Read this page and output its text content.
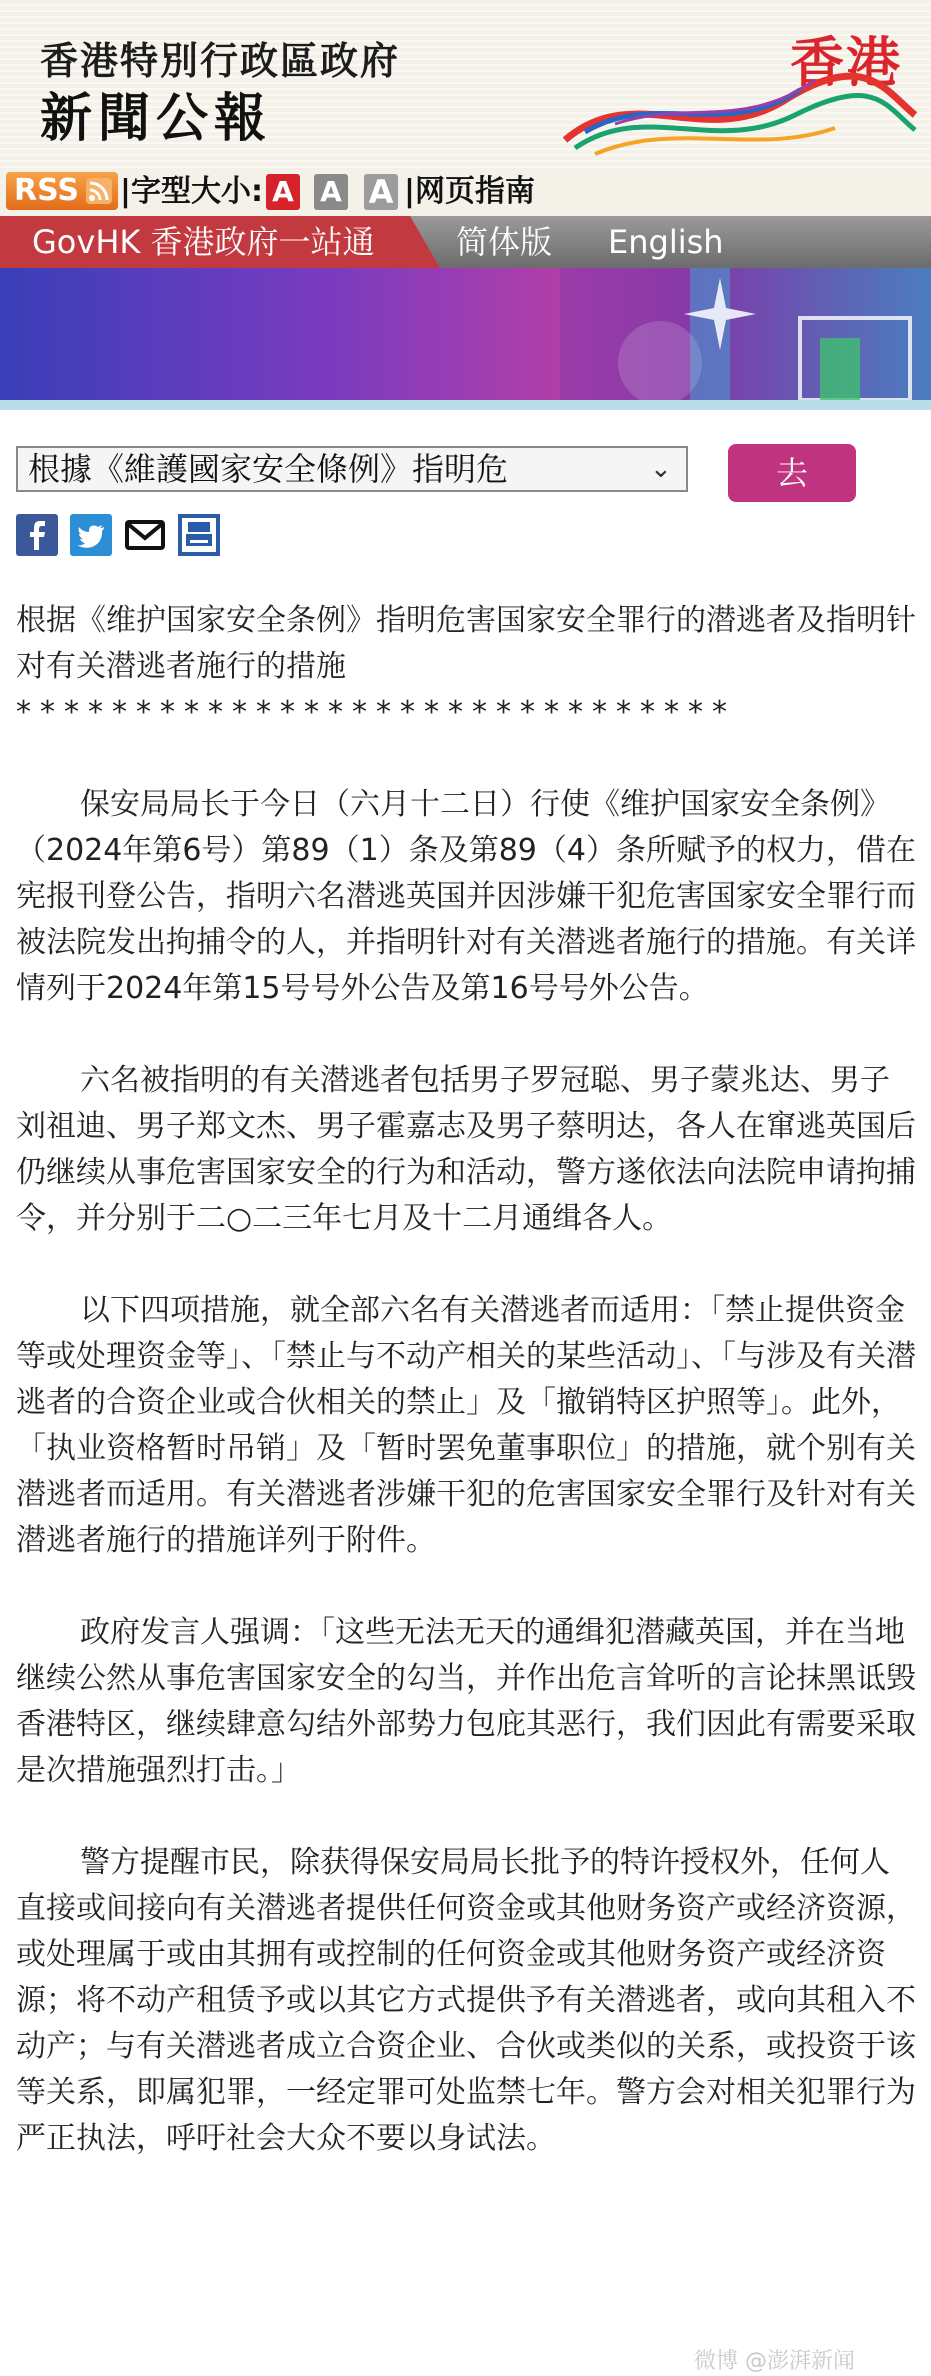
香港特別行政區政府
新聞公報
香港
RSS	|字型大小: A A A |网页指南
GovHK 香港政府一站通	简体版 English
根據《維護國家安全條例》指明危	⌄	去

根据《维护国家安全条例》指明危害国家安全罪行的潜逃者及指明针对有关潜逃者施行的措施

******************************

保安局局长于今日（六月十二日）行使《维护国家安全条例》（2024年第6号）第89（1）条及第89（4）条所赋予的权力，借在宪报刊登公告，指明六名潜逃英国并因涉嫌干犯危害国家安全罪行而被法院发出拘捕令的人，并指明针对有关潜逃者施行的措施。有关详情列于2024年第15号号外公告及第16号号外公告。

六名被指明的有关潜逃者包括男子罗冠聪、男子蒙兆达、男子刘祖迪、男子郑文杰、男子霍嘉志及男子蔡明达，各人在窜逃英国后仍继续从事危害国家安全的行为和活动，警方遂依法向法院申请拘捕令，并分别于二○二三年七月及十二月通缉各人。

以下四项措施，就全部六名有关潜逃者而适用：「禁止提供资金等或处理资金等」、「禁止与不动产相关的某些活动」、「与涉及有关潜逃者的合资企业或合伙相关的禁止」及「撤销特区护照等」。此外，「执业资格暂时吊销」及「暂时罢免董事职位」的措施，就个别有关潜逃者而适用。有关潜逃者涉嫌干犯的危害国家安全罪行及针对有关潜逃者施行的措施详列于附件。

政府发言人强调：「这些无法无天的通缉犯潜藏英国，并在当地继续公然从事危害国家安全的勾当，并作出危言耸听的言论抹黑诋毁香港特区，继续肆意勾结外部势力包庇其恶行，我们因此有需要采取是次措施强烈打击。」

警方提醒市民，除获得保安局局长批予的特许授权外，任何人直接或间接向有关潜逃者提供任何资金或其他财务资产或经济资源，或处理属于或由其拥有或控制的任何资金或其他财务资产或经济资源；将不动产租赁予或以其它方式提供予有关潜逃者，或向其租入不动产；与有关潜逃者成立合资企业、合伙或类似的关系，或投资于该等关系，即属犯罪，一经定罪可处监禁七年。警方会对相关犯罪行为严正执法，呼吁社会大众不要以身试法。

微博 @澎湃新闻
